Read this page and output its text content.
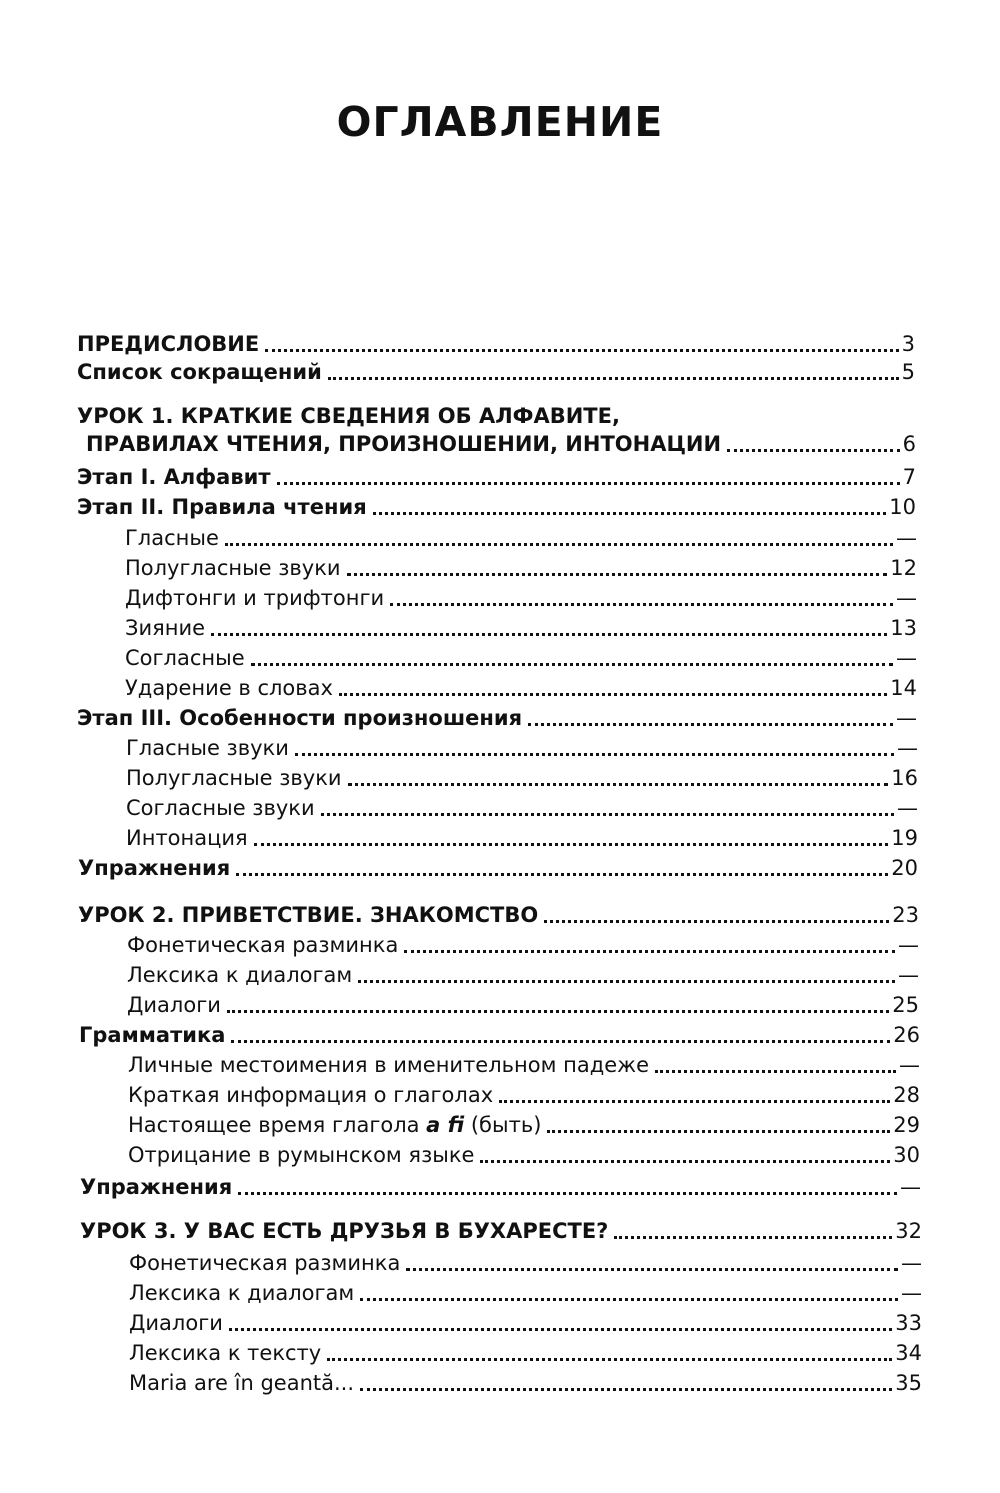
ОГЛАВЛЕНИЕ
ПРЕДИСЛОВИЕ	3
Список сокращений	5
УРОК 1. КРАТКИЕ СВЕДЕНИЯ ОБ АЛФАВИТЕ,
ПРАВИЛАХ ЧТЕНИЯ, ПРОИЗНОШЕНИИ, ИНТОНАЦИИ	6
Этап I. Алфавит	7
Этап II. Правила чтения	10
Гласные	—
Полугласные звуки	12
Дифтонги и трифтонги	—
Зияние	13
Согласные	—
Ударение в словах	14
Этап III. Особенности произношения	—
Гласные звуки	—
Полугласные звуки	16
Согласные звуки	—
Интонация	19
Упражнения	20
УРОК 2. ПРИВЕТСТВИЕ. ЗНАКОМСТВО	23
Фонетическая разминка	—
Лексика к диалогам	—
Диалоги	25
Грамматика	26
Личные местоимения в именительном падеже	—
Краткая информация о глаголах	28
Настоящее время глагола a fi (быть)	29
Отрицание в румынском языке	30
Упражнения	—
УРОК 3. У ВАС ЕСТЬ ДРУЗЬЯ В БУХАРЕСТЕ?	32
Фонетическая разминка	—
Лексика к диалогам	—
Диалоги	33
Лексика к тексту	34
Maria are în geantă...	35
